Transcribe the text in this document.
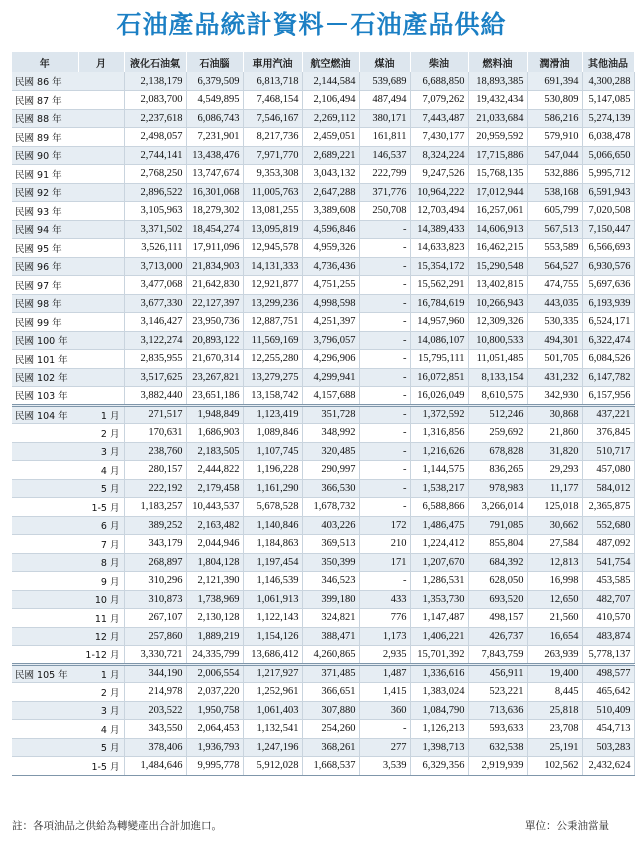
石油產品統計資料－石油產品供給
年	月	液化石油氣	石油腦	車用汽油	航空燃油	煤油	柴油	燃料油	潤滑油	其他油品
民國 86 年		2,138,179	6,379,509	6,813,718	2,144,584	539,689	6,688,850	18,893,385	691,394	4,300,288
民國 87 年		2,083,700	4,549,895	7,468,154	2,106,494	487,494	7,079,262	19,432,434	530,809	5,147,085
民國 88 年		2,237,618	6,086,743	7,546,167	2,269,112	380,171	7,443,487	21,033,684	586,216	5,274,139
民國 89 年		2,498,057	7,231,901	8,217,736	2,459,051	161,811	7,430,177	20,959,592	579,910	6,038,478
民國 90 年		2,744,141	13,438,476	7,971,770	2,689,221	146,537	8,324,224	17,715,886	547,044	5,066,650
民國 91 年		2,768,250	13,747,674	9,353,308	3,043,132	222,799	9,247,526	15,768,135	532,886	5,995,712
民國 92 年		2,896,522	16,301,068	11,005,763	2,647,288	371,776	10,964,222	17,012,944	538,168	6,591,943
民國 93 年		3,105,963	18,279,302	13,081,255	3,389,608	250,708	12,703,494	16,257,061	605,799	7,020,508
民國 94 年		3,371,502	18,454,274	13,095,819	4,596,846	-	14,389,433	14,606,913	567,513	7,150,447
民國 95 年		3,526,111	17,911,096	12,945,578	4,959,326	-	14,633,823	16,462,215	553,589	6,566,693
民國 96 年		3,713,000	21,834,903	14,131,333	4,736,436	-	15,354,172	15,290,548	564,527	6,930,576
民國 97 年		3,477,068	21,642,830	12,921,877	4,751,255	-	15,562,291	13,402,815	474,755	5,697,636
民國 98 年		3,677,330	22,127,397	13,299,236	4,998,598	-	16,784,619	10,266,943	443,035	6,193,939
民國 99 年		3,146,427	23,950,736	12,887,751	4,251,397	-	14,957,960	12,309,326	530,335	6,524,171
民國 100 年		3,122,274	20,893,122	11,569,169	3,796,057	-	14,086,107	10,800,533	494,301	6,322,474
民國 101 年		2,835,955	21,670,314	12,255,280	4,296,906	-	15,795,111	11,051,485	501,705	6,084,526
民國 102 年		3,517,625	23,267,821	13,279,275	4,299,941	-	16,072,851	8,133,154	431,232	6,147,782
民國 103 年		3,882,440	23,651,186	13,158,742	4,157,688	-	16,026,049	8,610,575	342,930	6,157,956
民國 104 年	1 月	271,517	1,948,849	1,123,419	351,728	-	1,372,592	512,246	30,868	437,221
	2 月	170,631	1,686,903	1,089,846	348,992	-	1,316,856	259,692	21,860	376,845
	3 月	238,760	2,183,505	1,107,745	320,485	-	1,216,626	678,828	31,820	510,717
	4 月	280,157	2,444,822	1,196,228	290,997	-	1,144,575	836,265	29,293	457,080
	5 月	222,192	2,179,458	1,161,290	366,530	-	1,538,217	978,983	11,177	584,012
	1-5 月	1,183,257	10,443,537	5,678,528	1,678,732	-	6,588,866	3,266,014	125,018	2,365,875
	6 月	389,252	2,163,482	1,140,846	403,226	172	1,486,475	791,085	30,662	552,680
	7 月	343,179	2,044,946	1,184,863	369,513	210	1,224,412	855,804	27,584	487,092
	8 月	268,897	1,804,128	1,197,454	350,399	171	1,207,670	684,392	12,813	541,754
	9 月	310,296	2,121,390	1,146,539	346,523	-	1,286,531	628,050	16,998	453,585
	10 月	310,873	1,738,969	1,061,913	399,180	433	1,353,730	693,520	12,650	482,707
	11 月	267,107	2,130,128	1,122,143	324,821	776	1,147,487	498,157	21,560	410,570
	12 月	257,860	1,889,219	1,154,126	388,471	1,173	1,406,221	426,737	16,654	483,874
	1-12 月	3,330,721	24,335,799	13,686,412	4,260,865	2,935	15,701,392	7,843,759	263,939	5,778,137
民國 105 年	1 月	344,190	2,006,554	1,217,927	371,485	1,487	1,336,616	456,911	19,400	498,577
	2 月	214,978	2,037,220	1,252,961	366,651	1,415	1,383,024	523,221	8,445	465,642
	3 月	203,522	1,950,758	1,061,403	307,880	360	1,084,790	713,636	25,818	510,409
	4 月	343,550	2,064,453	1,132,541	254,260	-	1,126,213	593,633	23,708	454,713
	5 月	378,406	1,936,793	1,247,196	368,261	277	1,398,713	632,538	25,191	503,283
	1-5 月	1,484,646	9,995,778	5,912,028	1,668,537	3,539	6,329,356	2,919,939	102,562	2,432,624
註：各項油品之供給為轉變產出合計加進口。	單位：公秉油當量
